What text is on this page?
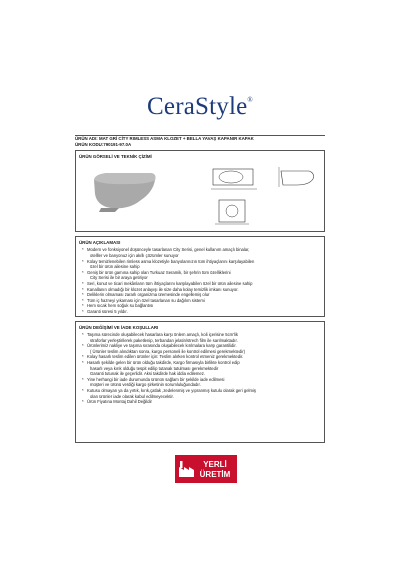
CeraStyle®
ÜRÜN ADI: MAT GRİ CİTY RIMLESS ASMA KLOZET + BELLA YAVAŞ KAPANIR KAPAK
ÜRÜN KODU:790191-97.0A
ÜRÜN GÖRSELİ VE TEKNİK ÇİZİMİ
ÜRÜN AÇIKLAMASI
* Modern ve fonksiyonel düşünceyle tasarlanan City Serisi, genel kullanım amaçlı binalar,
otelller ve banyonuz için akıllı çözümler sunuyor
* Kolay temizlenebilen rimless asma klozetiyle banyolarınızın tüm ihtiyaçlarını karşılayabilen
özel bir ürün ailesine sahip
* Geniş bir ürün gamına sahip olan Turkuaz Seramik, bir şehrin tüm özelliklerini
City Serisi ile bir araya getiriyor
* Seri, konut ve ticari mekânların tüm ihtiyaçlarını karşılayabilen özel bir ürün ailesine sahip
* Kanallanın olmadığı bir klozet anlayışı ile size daha kolay temizlik imkanı sunuyor.
* Deliklerin olmaması zararlı organizma üremesinde engellemiş olur
* Tüm iç hazneyi yıkaması için özel tasarlanan su dağılım sistemi
* Hem sıcak hem soğuk su bağlantısı
* Garanti süresi 5 yıldır.
ÜRÜN DEĞİŞİMİ VE İADE KOŞULLARI
* Taşıma sürecinde oluşabilecek hasarlara karşı önlem amaçlı, koli içerisine 5cm'lik
straforlar yerleştirilerek paketlenip, terbandan jelatin/strech film ile sarılmaktadır.
* Ürünlerimiz nakliye ve taşıma sırasında oluşabilecek kırılmalara karşı garantilidir.
( Ürünler teslim alındıktan sonra, kargo personeli ile kontrol edilmesi gerekmektedir)
* Kolay hasarlı teslim edilen ürünler için: Teslim alırken kontrol etmeniz gerekmektedir.
* Hasarlı şekilde gelen bir ürün olduğu takdirde, Kargo firmasıyla birlikte kontrol edip
hasarlı veya kırık olduğu tespit edilip tutanak tutulması gerekmektedir
Garanti tutunak ile geçerlidir. Aksi takdirde hak iddia edilemez.
* Yine herhangi bir iade durumunda ürünün sağlam bir şekilde iade edilmesi
müşteri ve ürünü verdiği kargo şirketinin sorumluluğundadır.
* Kutusu olmayan ya da yırtık, kırık,çatlak ,zedelenmiş ve yıpranmış kutulu olarak geri gelmiş
olan ürünler iade olarak kabul edilmeyecektir.
* Ürün Fiyatına Montaj Dahil Değildir
YERLİ
ÜRETİM
